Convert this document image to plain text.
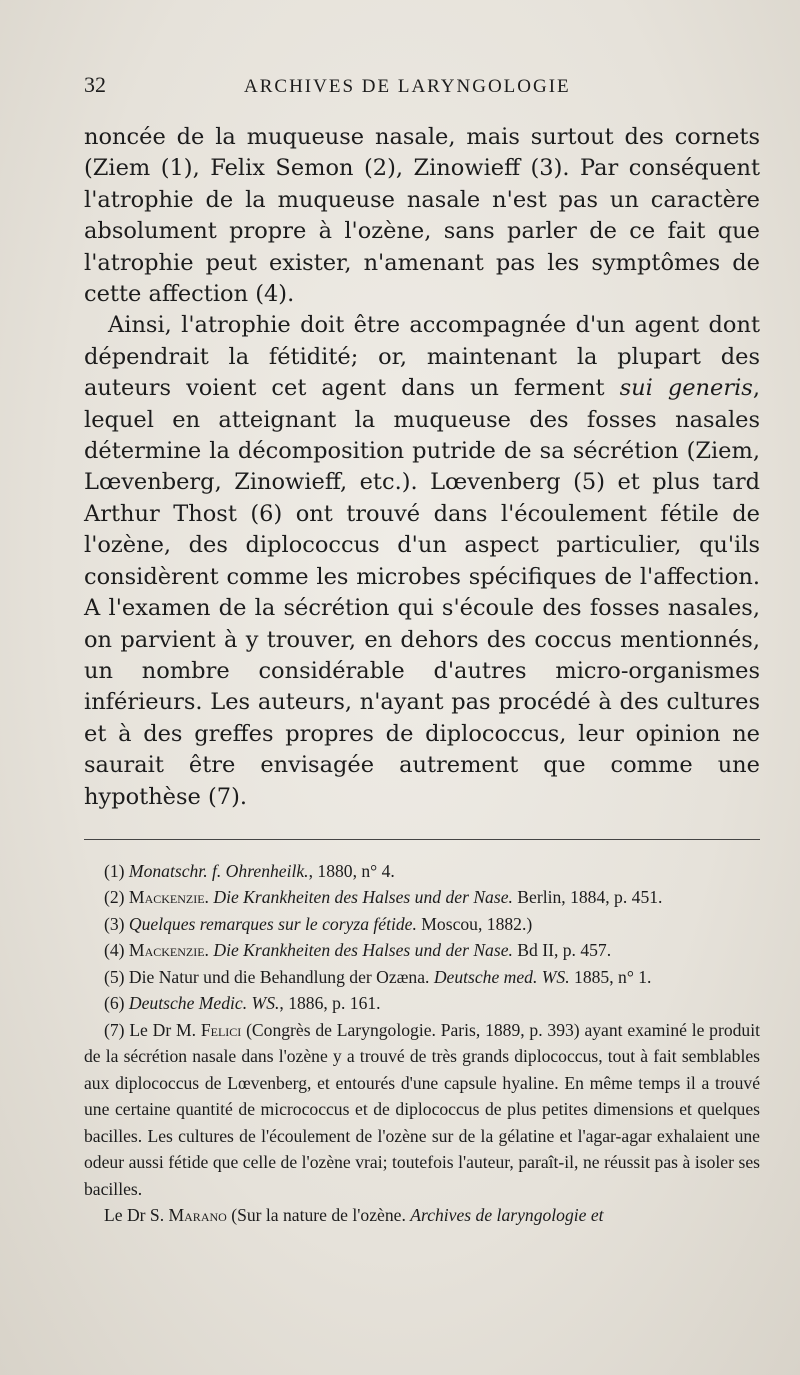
32	ARCHIVES DE LARYNGOLOGIE

noncée de la muqueuse nasale, mais surtout des cornets (Ziem (1), Felix Semon (2), Zinowieff (3). Par conséquent l'atrophie de la muqueuse nasale n'est pas un caractère absolument propre à l'ozène, sans parler de ce fait que l'atrophie peut exister, n'amenant pas les symptômes de cette affection (4).

Ainsi, l'atrophie doit être accompagnée d'un agent dont dépendrait la fétidité; or, maintenant la plupart des auteurs voient cet agent dans un ferment sui generis, lequel en atteignant la muqueuse des fosses nasales détermine la décomposition putride de sa sécrétion (Ziem, Lœvenberg, Zinowieff, etc.). Lœvenberg (5) et plus tard Arthur Thost (6) ont trouvé dans l'écoulement fétile de l'ozène, des diplococcus d'un aspect particulier, qu'ils considèrent comme les microbes spécifiques de l'affection. A l'examen de la sécrétion qui s'écoule des fosses nasales, on parvient à y trouver, en dehors des coccus mentionnés, un nombre considérable d'autres micro-organismes inférieurs. Les auteurs, n'ayant pas procédé à des cultures et à des greffes propres de diplococcus, leur opinion ne saurait être envisagée autrement que comme une hypothèse (7).

(1) Monatschr. f. Ohrenheilk., 1880, n° 4.

(2) Mackenzie. Die Krankheiten des Halses und der Nase. Berlin, 1884, p. 451.

(3) Quelques remarques sur le coryza fétide. Moscou, 1882.)

(4) Mackenzie. Die Krankheiten des Halses und der Nase. Bd II, p. 457.

(5) Die Natur und die Behandlung der Ozæna. Deutsche med. WS. 1885, n° 1.

(6) Deutsche Medic. WS., 1886, p. 161.

(7) Le Dr M. Felici (Congrès de Laryngologie. Paris, 1889, p. 393) ayant examiné le produit de la sécrétion nasale dans l'ozène y a trouvé de très grands diplococcus, tout à fait semblables aux diplococcus de Lœvenberg, et entourés d'une capsule hyaline. En même temps il a trouvé une certaine quantité de micrococcus et de diplococcus de plus petites dimensions et quelques bacilles. Les cultures de l'écoulement de l'ozène sur de la gélatine et l'agar-agar exhalaient une odeur aussi fétide que celle de l'ozène vrai; toutefois l'auteur, paraît-il, ne réussit pas à isoler ses bacilles.

Le Dr S. Marano (Sur la nature de l'ozène. Archives de laryngologie et
